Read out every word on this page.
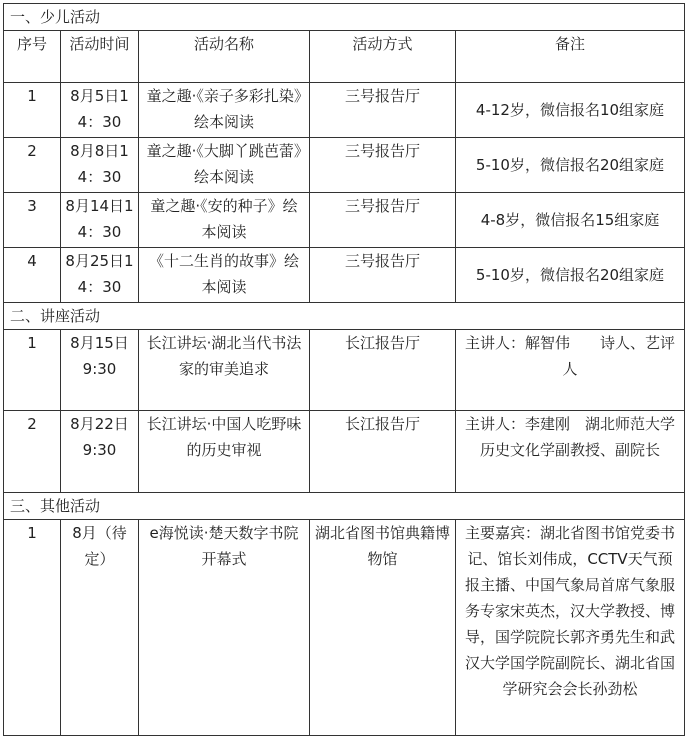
一、少儿活动				
序号	活动时间	活动名称	活动方式	备注
1	8月5日14：30	童之趣·《亲子多彩扎染》绘本阅读	三号报告厅	4-12岁，微信报名10组家庭
2	8月8日14：30	童之趣·《大脚丫跳芭蕾》绘本阅读	三号报告厅	5-10岁，微信报名20组家庭
3	8月14日14：30	童之趣·《安的种子》绘本阅读	三号报告厅	4-8岁，微信报名15组家庭
4	8月25日14：30	《十二生肖的故事》绘本阅读	三号报告厅	5-10岁，微信报名20组家庭
二、讲座活动				
1	8月15日9:30	长江讲坛·湖北当代书法家的审美追求	长江报告厅	主讲人：解智伟　　诗人、艺评人
2	8月22日9:30	长江讲坛·中国人吃野味的历史审视	长江报告厅	主讲人：李建刚　湖北师范大学历史文化学副教授、副院长
三、其他活动				
1	8月（待定）	e海悦读·楚天数字书院开幕式	湖北省图书馆典籍博物馆	主要嘉宾：湖北省图书馆党委书记、馆长刘伟成，CCTV天气预报主播、中国气象局首席气象服务专家宋英杰，汉大学教授、博导，国学院院长郭齐勇先生和武汉大学国学院副院长、湖北省国学研究会会长孙劲松
